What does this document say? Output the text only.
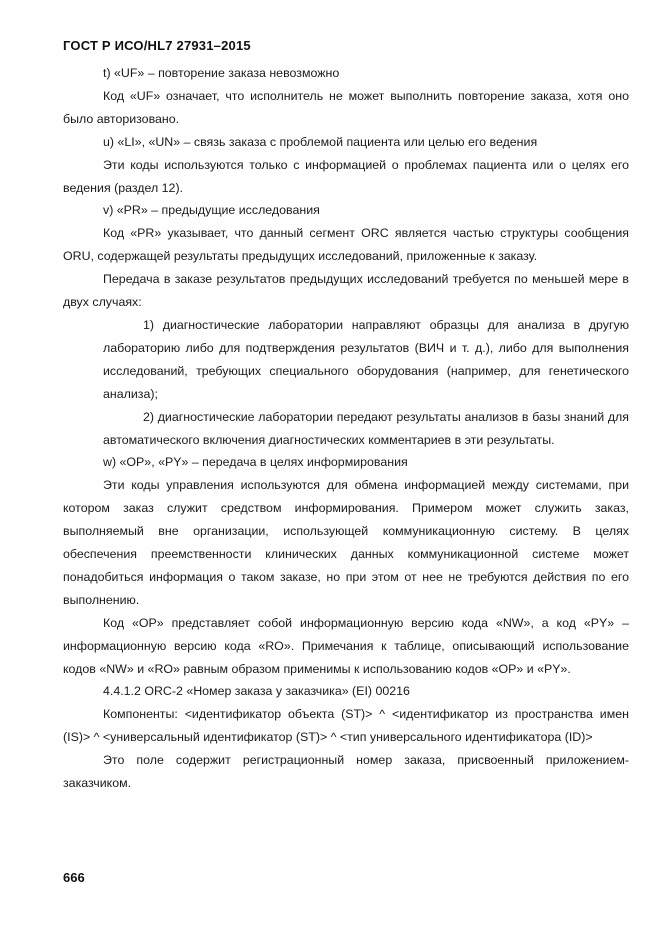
ГОСТ Р ИСО/HL7 27931–2015

t) «UF» – повторение заказа невозможно

Код «UF» означает, что исполнитель не может выполнить повторение заказа, хотя оно было авторизовано.

u) «LI», «UN» – связь заказа с проблемой пациента или целью его ведения

Эти коды используются только с информацией о проблемах пациента или о целях его ведения (раздел 12).

v) «PR» – предыдущие исследования

Код «PR» указывает, что данный сегмент ORC является частью структуры сообщения ORU, содержащей результаты предыдущих исследований, приложенные к заказу.

Передача в заказе результатов предыдущих исследований требуется по меньшей мере в двух случаях:

1) диагностические лаборатории направляют образцы для анализа в другую лабораторию либо для подтверждения результатов (ВИЧ и т. д.), либо для выполнения исследований, требующих специального оборудования (например, для генетического анализа);

2) диагностические лаборатории передают результаты анализов в базы знаний для автоматического включения диагностических комментариев в эти результаты.

w) «OP», «PY» – передача в целях информирования

Эти коды управления используются для обмена информацией между системами, при котором заказ служит средством информирования. Примером может служить заказ, выполняемый вне организации, использующей коммуникационную систему. В целях обеспечения преемственности клинических данных коммуникационной системе может понадобиться информация о таком заказе, но при этом от нее не требуются действия по его выполнению.

Код «OP» представляет собой информационную версию кода «NW», а код «PY» – информационную версию кода «RO». Примечания к таблице, описывающий использование кодов «NW» и «RO» равным образом применимы к использованию кодов «OP» и «PY».

4.4.1.2 ORC-2 «Номер заказа у заказчика» (EI) 00216

Компоненты: <идентификатор объекта (ST)> ^ <идентификатор из пространства имен (IS)> ^ <универсальный идентификатор (ST)> ^ <тип универсального идентификатора (ID)>

Это поле содержит регистрационный номер заказа, присвоенный приложением-заказчиком.

666
